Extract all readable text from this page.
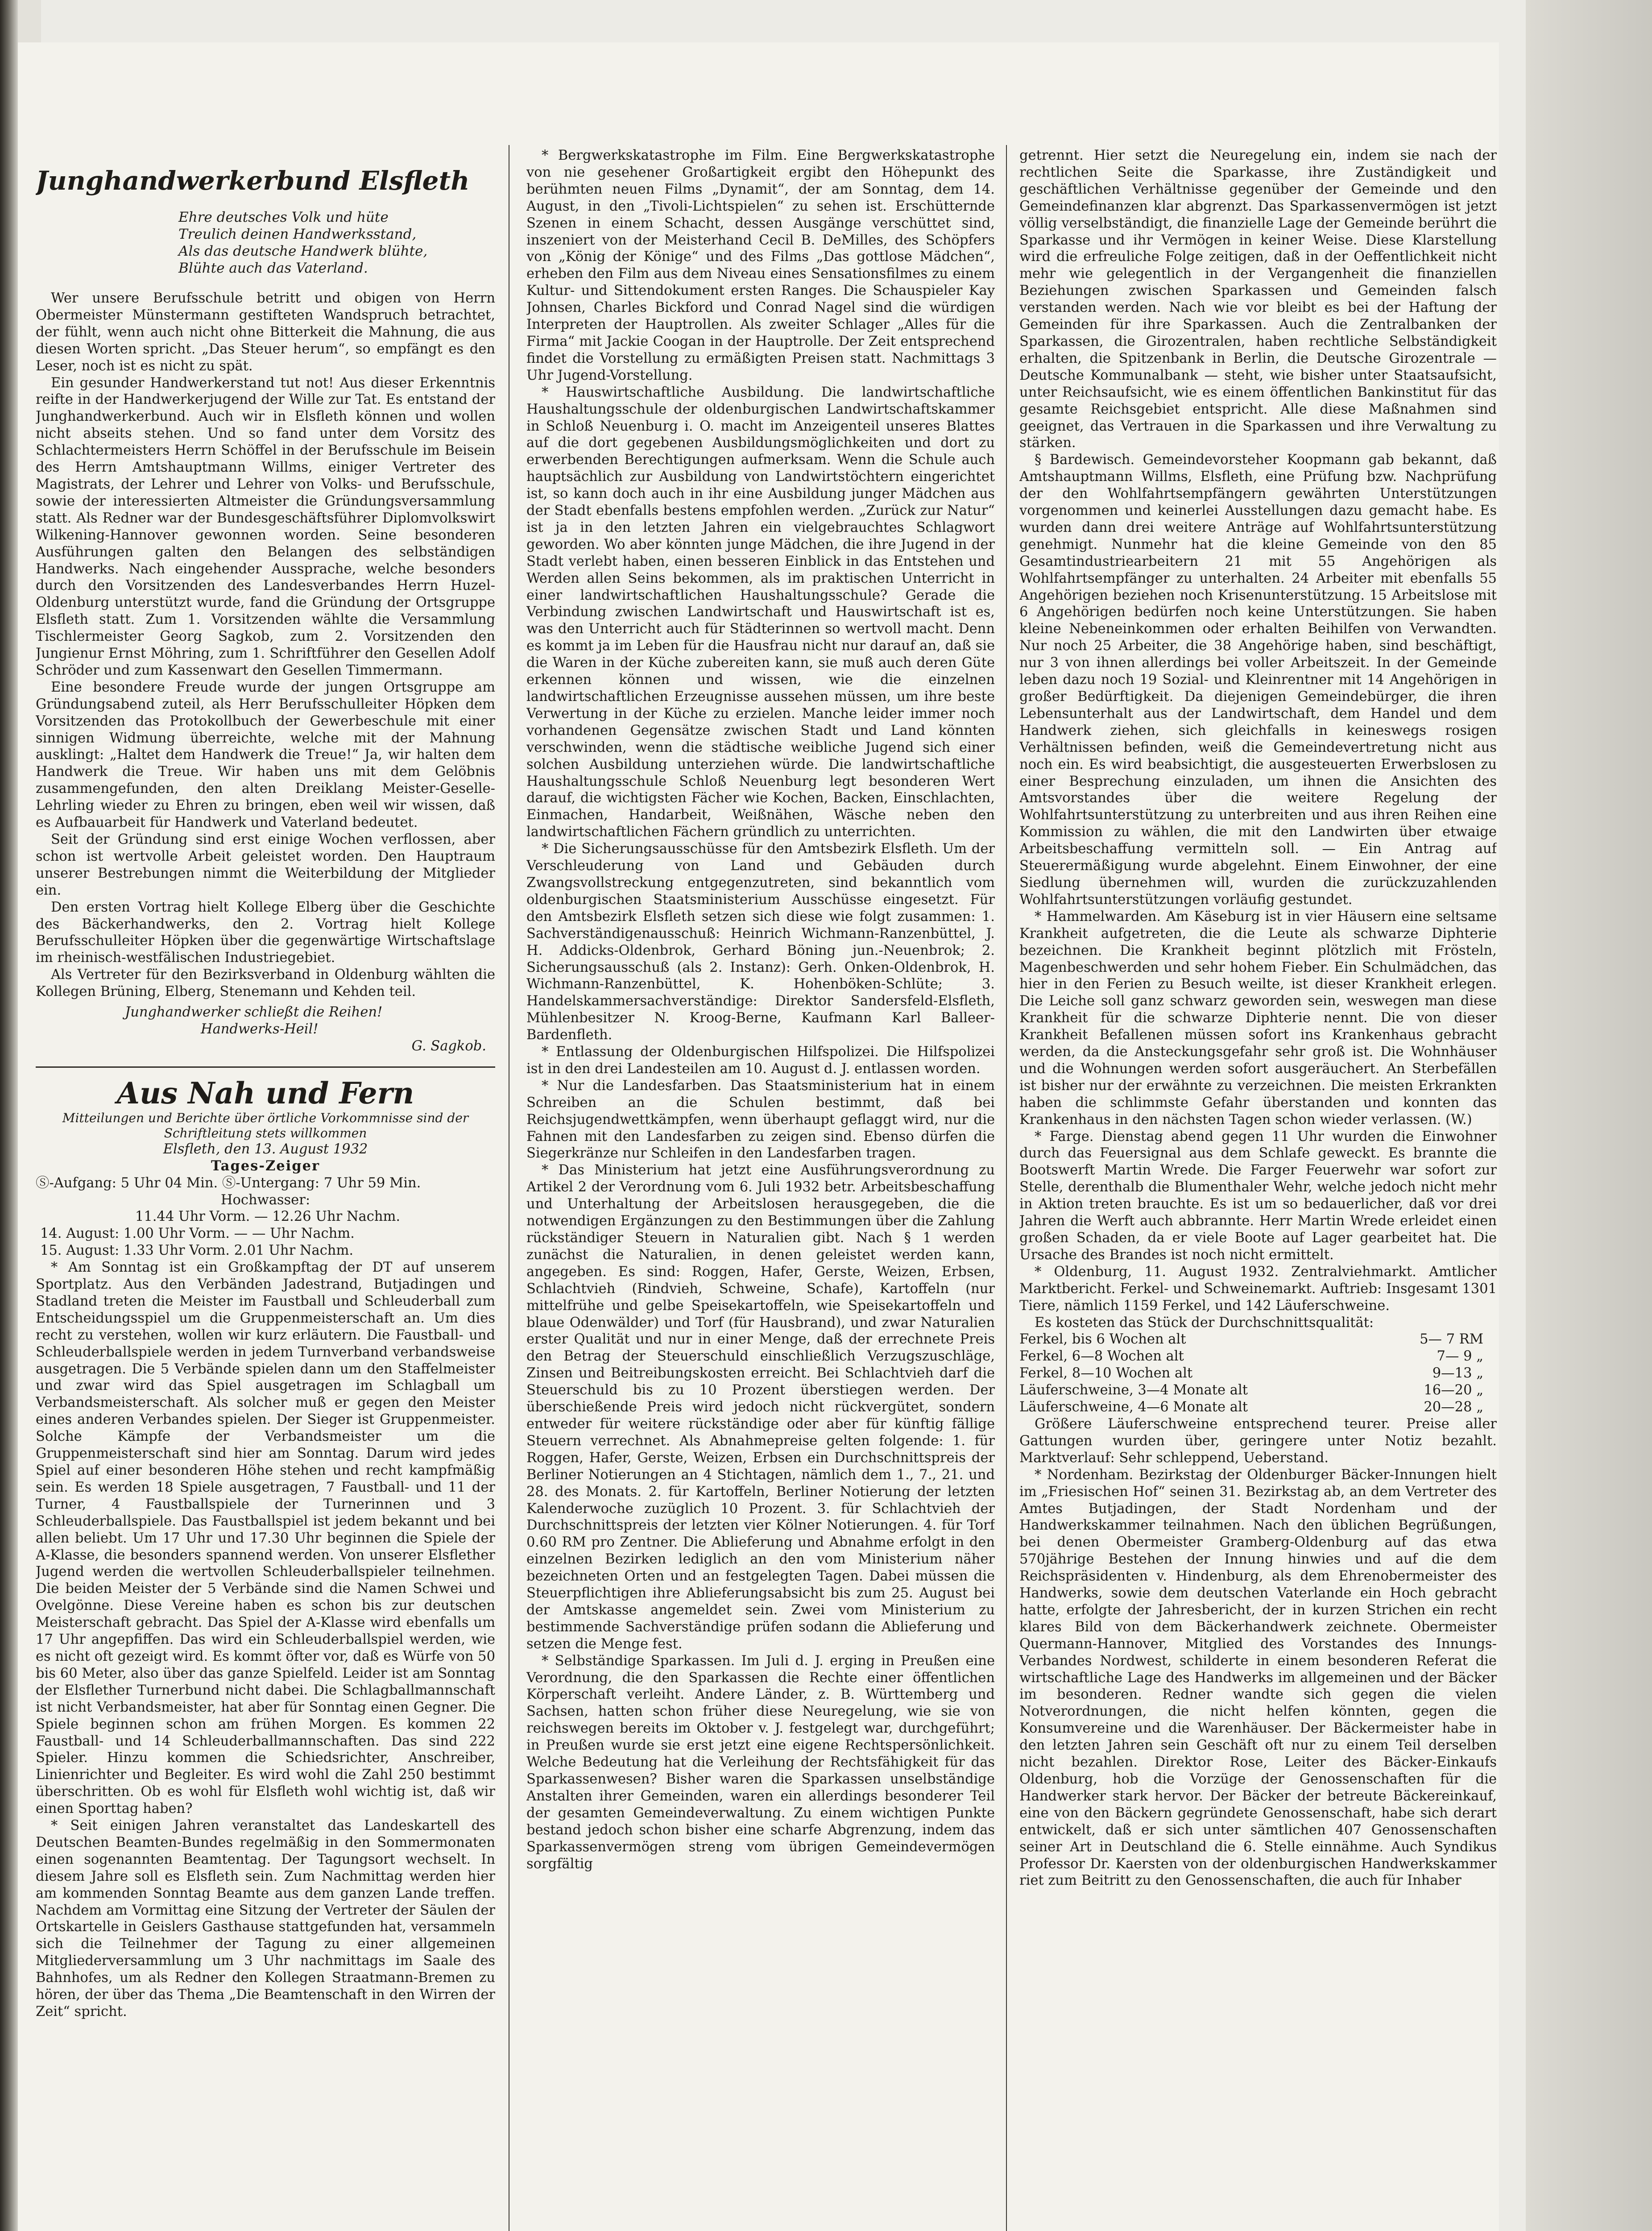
Junghandwerkerbund Elsfleth
Ehre deutsches Volk und hüte
Treulich deinen Handwerksstand,
Als das deutsche Handwerk blühte,
Blühte auch das Vaterland.

Wer unsere Berufsschule betritt und obigen von Herrn Obermeister Münstermann gestifteten Wandspruch betrachtet, der fühlt, wenn auch nicht ohne Bitterkeit die Mahnung, die aus diesen Worten spricht. „Das Steuer herum“, so empfängt es den Leser, noch ist es nicht zu spät.

Ein gesunder Handwerkerstand tut not! Aus dieser Erkenntnis reifte in der Handwerkerjugend der Wille zur Tat. Es entstand der Junghandwerkerbund. Auch wir in Elsfleth können und wollen nicht abseits stehen. Und so fand unter dem Vorsitz des Schlachtermeisters Herrn Schöffel in der Berufsschule im Beisein des Herrn Amtshauptmann Willms, einiger Vertreter des Magistrats, der Lehrer und Lehrer von Volks- und Berufsschule, sowie der interessierten Altmeister die Gründungsversammlung statt. Als Redner war der Bundesgeschäftsführer Diplomvolkswirt Wilkening-Hannover gewonnen worden. Seine besonderen Ausführungen galten den Belangen des selbständigen Handwerks. Nach eingehender Aussprache, welche besonders durch den Vorsitzenden des Landesverbandes Herrn Huzel-Oldenburg unterstützt wurde, fand die Gründung der Ortsgruppe Elsfleth statt. Zum 1. Vorsitzenden wählte die Versammlung Tischlermeister Georg Sagkob, zum 2. Vorsitzenden den Jungienur Ernst Möhring, zum 1. Schriftführer den Gesellen Adolf Schröder und zum Kassenwart den Gesellen Timmermann.

Eine besondere Freude wurde der jungen Ortsgruppe am Gründungsabend zuteil, als Herr Berufsschulleiter Höpken dem Vorsitzenden das Protokollbuch der Gewerbeschule mit einer sinnigen Widmung überreichte, welche mit der Mahnung ausklingt: „Haltet dem Handwerk die Treue!“ Ja, wir halten dem Handwerk die Treue. Wir haben uns mit dem Gelöbnis zusammengefunden, den alten Dreiklang Meister-Geselle-Lehrling wieder zu Ehren zu bringen, eben weil wir wissen, daß es Aufbauarbeit für Handwerk und Vaterland bedeutet.

Seit der Gründung sind erst einige Wochen verflossen, aber schon ist wertvolle Arbeit geleistet worden. Den Hauptraum unserer Bestrebungen nimmt die Weiterbildung der Mitglieder ein.

Den ersten Vortrag hielt Kollege Elberg über die Geschichte des Bäckerhandwerks, den 2. Vortrag hielt Kollege Berufsschulleiter Höpken über die gegenwärtige Wirtschaftslage im rheinisch-westfälischen Industriegebiet.

Als Vertreter für den Bezirksverband in Oldenburg wählten die Kollegen Brüning, Elberg, Stenemann und Kehden teil.

Junghandwerker schließt die Reihen!
Handwerks-Heil!
G. Sagkob.
Aus Nah und Fern
Mitteilungen und Berichte über örtliche Vorkommnisse sind der Schriftleitung stets willkommen
Elsfleth, den 13. August 1932
Tages-Zeiger
Ⓢ-Aufgang: 5 Uhr 04 Min. Ⓢ-Untergang: 7 Uhr 59 Min.
Hochwasser:
11.44 Uhr Vorm. — 12.26 Uhr Nachm.
14. August: 1.00 Uhr Vorm. — — Uhr Nachm.
15. August: 1.33 Uhr Vorm. 2.01 Uhr Nachm.

* Am Sonntag ist ein Großkampftag der DT auf unserem Sportplatz. Aus den Verbänden Jadestrand, Butjadingen und Stadland treten die Meister im Faustball und Schleuderball zum Entscheidungsspiel um die Gruppenmeisterschaft an. Um dies recht zu verstehen, wollen wir kurz erläutern. Die Faustball- und Schleuderballspiele werden in jedem Turnverband verbandsweise ausgetragen. Die 5 Verbände spielen dann um den Staffelmeister und zwar wird das Spiel ausgetragen im Schlagball um Verbandsmeisterschaft. Als solcher muß er gegen den Meister eines anderen Verbandes spielen. Der Sieger ist Gruppenmeister. Solche Kämpfe der Verbandsmeister um die Gruppenmeisterschaft sind hier am Sonntag. Darum wird jedes Spiel auf einer besonderen Höhe stehen und recht kampfmäßig sein. Es werden 18 Spiele ausgetragen, 7 Faustball- und 11 der Turner, 4 Faustballspiele der Turnerinnen und 3 Schleuderballspiele. Das Faustballspiel ist jedem bekannt und bei allen beliebt. Um 17 Uhr und 17.30 Uhr beginnen die Spiele der A-Klasse, die besonders spannend werden. Von unserer Elsflether Jugend werden die wertvollen Schleuderballspieler teilnehmen. Die beiden Meister der 5 Verbände sind die Namen Schwei und Ovelgönne. Diese Vereine haben es schon bis zur deutschen Meisterschaft gebracht. Das Spiel der A-Klasse wird ebenfalls um 17 Uhr angepfiffen. Das wird ein Schleuderballspiel werden, wie es nicht oft gezeigt wird. Es kommt öfter vor, daß es Würfe von 50 bis 60 Meter, also über das ganze Spielfeld. Leider ist am Sonntag der Elsflether Turnerbund nicht dabei. Die Schlagballmannschaft ist nicht Verbandsmeister, hat aber für Sonntag einen Gegner. Die Spiele beginnen schon am frühen Morgen. Es kommen 22 Faustball- und 14 Schleuderballmannschaften. Das sind 222 Spieler. Hinzu kommen die Schiedsrichter, Anschreiber, Linienrichter und Begleiter. Es wird wohl die Zahl 250 bestimmt überschritten. Ob es wohl für Elsfleth wohl wichtig ist, daß wir einen Sporttag haben?

* Seit einigen Jahren veranstaltet das Landeskartell des Deutschen Beamten-Bundes regelmäßig in den Sommermonaten einen sogenannten Beamtentag. Der Tagungsort wechselt. In diesem Jahre soll es Elsfleth sein. Zum Nachmittag werden hier am kommenden Sonntag Beamte aus dem ganzen Lande treffen. Nachdem am Vormittag eine Sitzung der Vertreter der Säulen der Ortskartelle in Geislers Gasthause stattgefunden hat, versammeln sich die Teilnehmer der Tagung zu einer allgemeinen Mitgliederversammlung um 3 Uhr nachmittags im Saale des Bahnhofes, um als Redner den Kollegen Straatmann-Bremen zu hören, der über das Thema „Die Beamtenschaft in den Wirren der Zeit“ spricht.

* Bergwerkskatastrophe im Film. Eine Bergwerkskatastrophe von nie gesehener Großartigkeit ergibt den Höhepunkt des berühmten neuen Films „Dynamit“, der am Sonntag, dem 14. August, in den „Tivoli-Lichtspielen“ zu sehen ist. Erschütternde Szenen in einem Schacht, dessen Ausgänge verschüttet sind, inszeniert von der Meisterhand Cecil B. DeMilles, des Schöpfers von „König der Könige“ und des Films „Das gottlose Mädchen“, erheben den Film aus dem Niveau eines Sensationsfilmes zu einem Kultur- und Sittendokument ersten Ranges. Die Schauspieler Kay Johnsen, Charles Bickford und Conrad Nagel sind die würdigen Interpreten der Hauptrollen. Als zweiter Schlager „Alles für die Firma“ mit Jackie Coogan in der Hauptrolle. Der Zeit entsprechend findet die Vorstellung zu ermäßigten Preisen statt. Nachmittags 3 Uhr Jugend-Vorstellung.

* Hauswirtschaftliche Ausbildung. Die landwirtschaftliche Haushaltungsschule der oldenburgischen Landwirtschaftskammer in Schloß Neuenburg i. O. macht im Anzeigenteil unseres Blattes auf die dort gegebenen Ausbildungsmöglichkeiten und dort zu erwerbenden Berechtigungen aufmerksam. Wenn die Schule auch hauptsächlich zur Ausbildung von Landwirtstöchtern eingerichtet ist, so kann doch auch in ihr eine Ausbildung junger Mädchen aus der Stadt ebenfalls bestens empfohlen werden. „Zurück zur Natur“ ist ja in den letzten Jahren ein vielgebrauchtes Schlagwort geworden. Wo aber könnten junge Mädchen, die ihre Jugend in der Stadt verlebt haben, einen besseren Einblick in das Entstehen und Werden allen Seins bekommen, als im praktischen Unterricht in einer landwirtschaftlichen Haushaltungsschule? Gerade die Verbindung zwischen Landwirtschaft und Hauswirtschaft ist es, was den Unterricht auch für Städterinnen so wertvoll macht. Denn es kommt ja im Leben für die Hausfrau nicht nur darauf an, daß sie die Waren in der Küche zubereiten kann, sie muß auch deren Güte erkennen können und wissen, wie die einzelnen landwirtschaftlichen Erzeugnisse aussehen müssen, um ihre beste Verwertung in der Küche zu erzielen. Manche leider immer noch vorhandenen Gegensätze zwischen Stadt und Land könnten verschwinden, wenn die städtische weibliche Jugend sich einer solchen Ausbildung unterziehen würde. Die landwirtschaftliche Haushaltungsschule Schloß Neuenburg legt besonderen Wert darauf, die wichtigsten Fächer wie Kochen, Backen, Einschlachten, Einmachen, Handarbeit, Weißnähen, Wäsche neben den landwirtschaftlichen Fächern gründlich zu unterrichten.

* Die Sicherungsausschüsse für den Amtsbezirk Elsfleth. Um der Verschleuderung von Land und Gebäuden durch Zwangsvollstreckung entgegenzutreten, sind bekanntlich vom oldenburgischen Staatsministerium Ausschüsse eingesetzt. Für den Amtsbezirk Elsfleth setzen sich diese wie folgt zusammen: 1. Sachverständigenausschuß: Heinrich Wichmann-Ranzenbüttel, J. H. Addicks-Oldenbrok, Gerhard Böning jun.-Neuenbrok; 2. Sicherungsausschuß (als 2. Instanz): Gerh. Onken-Oldenbrok, H. Wichmann-Ranzenbüttel, K. Hohenböken-Schlüte; 3. Handelskammersachverständige: Direktor Sandersfeld-Elsfleth, Mühlenbesitzer N. Kroog-Berne, Kaufmann Karl Balleer-Bardenfleth.

* Entlassung der Oldenburgischen Hilfspolizei. Die Hilfspolizei ist in den drei Landesteilen am 10. August d. J. entlassen worden.

* Nur die Landesfarben. Das Staatsministerium hat in einem Schreiben an die Schulen bestimmt, daß bei Reichsjugendwettkämpfen, wenn überhaupt geflaggt wird, nur die Fahnen mit den Landesfarben zu zeigen sind. Ebenso dürfen die Siegerkränze nur Schleifen in den Landesfarben tragen.

* Das Ministerium hat jetzt eine Ausführungsverordnung zu Artikel 2 der Verordnung vom 6. Juli 1932 betr. Arbeitsbeschaffung und Unterhaltung der Arbeitslosen herausgegeben, die die notwendigen Ergänzungen zu den Bestimmungen über die Zahlung rückständiger Steuern in Naturalien gibt. Nach § 1 werden zunächst die Naturalien, in denen geleistet werden kann, angegeben. Es sind: Roggen, Hafer, Gerste, Weizen, Erbsen, Schlachtvieh (Rindvieh, Schweine, Schafe), Kartoffeln (nur mittelfrühe und gelbe Speisekartoffeln, wie Speisekartoffeln und blaue Odenwälder) und Torf (für Hausbrand), und zwar Naturalien erster Qualität und nur in einer Menge, daß der errechnete Preis den Betrag der Steuerschuld einschließlich Verzugszuschläge, Zinsen und Beitreibungskosten erreicht. Bei Schlachtvieh darf die Steuerschuld bis zu 10 Prozent überstiegen werden. Der überschießende Preis wird jedoch nicht rückvergütet, sondern entweder für weitere rückständige oder aber für künftig fällige Steuern verrechnet. Als Abnahmepreise gelten folgende: 1. für Roggen, Hafer, Gerste, Weizen, Erbsen ein Durchschnittspreis der Berliner Notierungen an 4 Stichtagen, nämlich dem 1., 7., 21. und 28. des Monats. 2. für Kartoffeln, Berliner Notierung der letzten Kalenderwoche zuzüglich 10 Prozent. 3. für Schlachtvieh der Durchschnittspreis der letzten vier Kölner Notierungen. 4. für Torf 0.60 RM pro Zentner. Die Ablieferung und Abnahme erfolgt in den einzelnen Bezirken lediglich an den vom Ministerium näher bezeichneten Orten und an festgelegten Tagen. Dabei müssen die Steuerpflichtigen ihre Ablieferungsabsicht bis zum 25. August bei der Amtskasse angemeldet sein. Zwei vom Ministerium zu bestimmende Sachverständige prüfen sodann die Ablieferung und setzen die Menge fest.

* Selbständige Sparkassen. Im Juli d. J. erging in Preußen eine Verordnung, die den Sparkassen die Rechte einer öffentlichen Körperschaft verleiht. Andere Länder, z. B. Württemberg und Sachsen, hatten schon früher diese Neuregelung, wie sie von reichswegen bereits im Oktober v. J. festgelegt war, durchgeführt; in Preußen wurde sie erst jetzt eine eigene Rechtspersönlichkeit. Welche Bedeutung hat die Verleihung der Rechtsfähigkeit für das Sparkassenwesen? Bisher waren die Sparkassen unselbständige Anstalten ihrer Gemeinden, waren ein allerdings besonderer Teil der gesamten Gemeindeverwaltung. Zu einem wichtigen Punkte bestand jedoch schon bisher eine scharfe Abgrenzung, indem das Sparkassenvermögen streng vom übrigen Gemeindevermögen sorgfältig

getrennt. Hier setzt die Neuregelung ein, indem sie nach der rechtlichen Seite die Sparkasse, ihre Zuständigkeit und geschäftlichen Verhältnisse gegenüber der Gemeinde und den Gemeindefinanzen klar abgrenzt. Das Sparkassenvermögen ist jetzt völlig verselbständigt, die finanzielle Lage der Gemeinde berührt die Sparkasse und ihr Vermögen in keiner Weise. Diese Klarstellung wird die erfreuliche Folge zeitigen, daß in der Oeffentlichkeit nicht mehr wie gelegentlich in der Vergangenheit die finanziellen Beziehungen zwischen Sparkassen und Gemeinden falsch verstanden werden. Nach wie vor bleibt es bei der Haftung der Gemeinden für ihre Sparkassen. Auch die Zentralbanken der Sparkassen, die Girozentralen, haben rechtliche Selbständigkeit erhalten, die Spitzenbank in Berlin, die Deutsche Girozentrale — Deutsche Kommunalbank — steht, wie bisher unter Staatsaufsicht, unter Reichsaufsicht, wie es einem öffentlichen Bankinstitut für das gesamte Reichsgebiet entspricht. Alle diese Maßnahmen sind geeignet, das Vertrauen in die Sparkassen und ihre Verwaltung zu stärken.

§ Bardewisch. Gemeindevorsteher Koopmann gab bekannt, daß Amtshauptmann Willms, Elsfleth, eine Prüfung bzw. Nachprüfung der den Wohlfahrtsempfängern gewährten Unterstützungen vorgenommen und keinerlei Ausstellungen dazu gemacht habe. Es wurden dann drei weitere Anträge auf Wohlfahrtsunterstützung genehmigt. Nunmehr hat die kleine Gemeinde von den 85 Gesamtindustriearbeitern 21 mit 55 Angehörigen als Wohlfahrtsempfänger zu unterhalten. 24 Arbeiter mit ebenfalls 55 Angehörigen beziehen noch Krisenunterstützung. 15 Arbeitslose mit 6 Angehörigen bedürfen noch keine Unterstützungen. Sie haben kleine Nebeneinkommen oder erhalten Beihilfen von Verwandten. Nur noch 25 Arbeiter, die 38 Angehörige haben, sind beschäftigt, nur 3 von ihnen allerdings bei voller Arbeitszeit. In der Gemeinde leben dazu noch 19 Sozial- und Kleinrentner mit 14 Angehörigen in großer Bedürftigkeit. Da diejenigen Gemeindebürger, die ihren Lebensunterhalt aus der Landwirtschaft, dem Handel und dem Handwerk ziehen, sich gleichfalls in keineswegs rosigen Verhältnissen befinden, weiß die Gemeindevertretung nicht aus noch ein. Es wird beabsichtigt, die ausgesteuerten Erwerbslosen zu einer Besprechung einzuladen, um ihnen die Ansichten des Amtsvorstandes über die weitere Regelung der Wohlfahrtsunterstützung zu unterbreiten und aus ihren Reihen eine Kommission zu wählen, die mit den Landwirten über etwaige Arbeitsbeschaffung vermitteln soll. — Ein Antrag auf Steuerermäßigung wurde abgelehnt. Einem Einwohner, der eine Siedlung übernehmen will, wurden die zurückzuzahlenden Wohlfahrtsunterstützungen vorläufig gestundet.

* Hammelwarden. Am Käseburg ist in vier Häusern eine seltsame Krankheit aufgetreten, die die Leute als schwarze Diphterie bezeichnen. Die Krankheit beginnt plötzlich mit Frösteln, Magenbeschwerden und sehr hohem Fieber. Ein Schulmädchen, das hier in den Ferien zu Besuch weilte, ist dieser Krankheit erlegen. Die Leiche soll ganz schwarz geworden sein, weswegen man diese Krankheit für die schwarze Diphterie nennt. Die von dieser Krankheit Befallenen müssen sofort ins Krankenhaus gebracht werden, da die Ansteckungsgefahr sehr groß ist. Die Wohnhäuser und die Wohnungen werden sofort ausgeräuchert. An Sterbefällen ist bisher nur der erwähnte zu verzeichnen. Die meisten Erkrankten haben die schlimmste Gefahr überstanden und konnten das Krankenhaus in den nächsten Tagen schon wieder verlassen. (W.)

* Farge. Dienstag abend gegen 11 Uhr wurden die Einwohner durch das Feuersignal aus dem Schlafe geweckt. Es brannte die Bootswerft Martin Wrede. Die Farger Feuerwehr war sofort zur Stelle, derenthalb die Blumenthaler Wehr, welche jedoch nicht mehr in Aktion treten brauchte. Es ist um so bedauerlicher, daß vor drei Jahren die Werft auch abbrannte. Herr Martin Wrede erleidet einen großen Schaden, da er viele Boote auf Lager gearbeitet hat. Die Ursache des Brandes ist noch nicht ermittelt.

* Oldenburg, 11. August 1932. Zentralviehmarkt. Amtlicher Marktbericht. Ferkel- und Schweinemarkt. Auftrieb: Insgesamt 1301 Tiere, nämlich 1159 Ferkel, und 142 Läuferschweine.

Es kosteten das Stück der Durchschnittsqualität:

Ferkel, bis 6 Wochen alt	5— 7 RM
Ferkel, 6—8 Wochen alt	7— 9 „
Ferkel, 8—10 Wochen alt	9—13 „
Läuferschweine, 3—4 Monate alt	16—20 „
Läuferschweine, 4—6 Monate alt	20—28 „

Größere Läuferschweine entsprechend teurer. Preise aller Gattungen wurden über, geringere unter Notiz bezahlt. Marktverlauf: Sehr schleppend, Ueberstand.

* Nordenham. Bezirkstag der Oldenburger Bäcker-Innungen hielt im „Friesischen Hof“ seinen 31. Bezirkstag ab, an dem Vertreter des Amtes Butjadingen, der Stadt Nordenham und der Handwerkskammer teilnahmen. Nach den üblichen Begrüßungen, bei denen Obermeister Gramberg-Oldenburg auf das etwa 570jährige Bestehen der Innung hinwies und auf die dem Reichspräsidenten v. Hindenburg, als dem Ehrenobermeister des Handwerks, sowie dem deutschen Vaterlande ein Hoch gebracht hatte, erfolgte der Jahresbericht, der in kurzen Strichen ein recht klares Bild von dem Bäckerhandwerk zeichnete. Obermeister Quermann-Hannover, Mitglied des Vorstandes des Innungs-Verbandes Nordwest, schilderte in einem besonderen Referat die wirtschaftliche Lage des Handwerks im allgemeinen und der Bäcker im besonderen. Redner wandte sich gegen die vielen Notverordnungen, die nicht helfen könnten, gegen die Konsumvereine und die Warenhäuser. Der Bäckermeister habe in den letzten Jahren sein Geschäft oft nur zu einem Teil derselben nicht bezahlen. Direktor Rose, Leiter des Bäcker-Einkaufs Oldenburg, hob die Vorzüge der Genossenschaften für die Handwerker stark hervor. Der Bäcker der betreute Bäckereinkauf, eine von den Bäckern gegründete Genossenschaft, habe sich derart entwickelt, daß er sich unter sämtlichen 407 Genossenschaften seiner Art in Deutschland die 6. Stelle einnähme. Auch Syndikus Professor Dr. Kaersten von der oldenburgischen Handwerkskammer riet zum Beitritt zu den Genossenschaften, die auch für Inhaber
